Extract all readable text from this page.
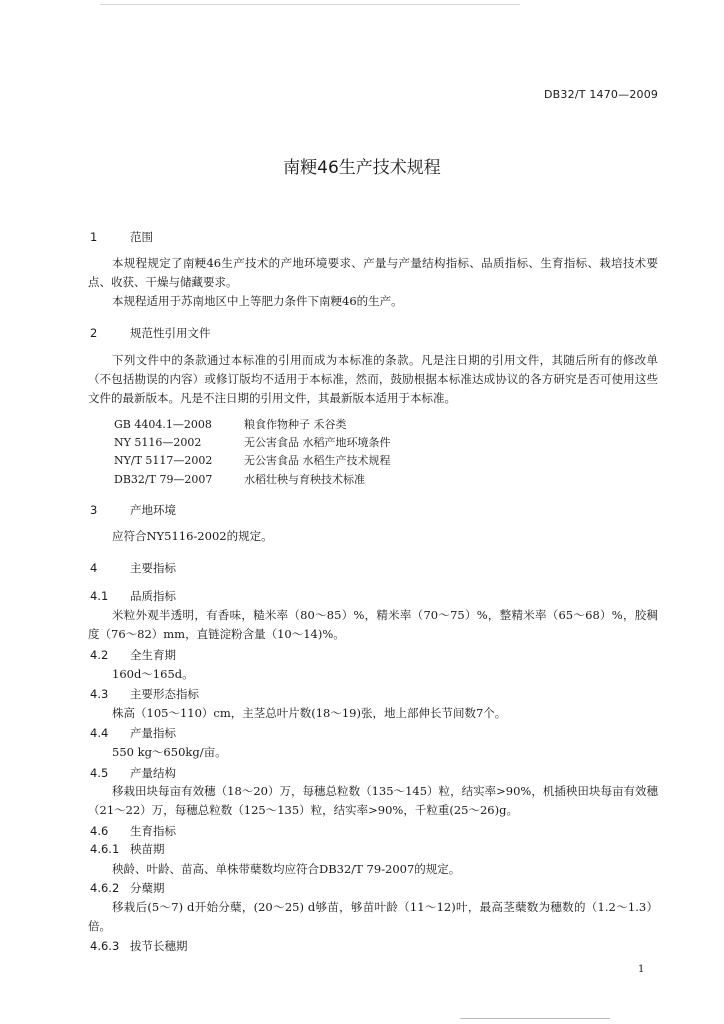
DB32/T 1470—2009
南粳46生产技术规程
1	范围
本规程规定了南粳46生产技术的产地环境要求、产量与产量结构指标、品质指标、生育指标、栽培技术要点、收获、干燥与储藏要求。
本规程适用于苏南地区中上等肥力条件下南粳46的生产。
2	规范性引用文件
下列文件中的条款通过本标准的引用而成为本标准的条款。凡是注日期的引用文件，其随后所有的修改单（不包括勘误的内容）或修订版均不适用于本标准，然而，鼓励根据本标准达成协议的各方研究是否可使用这些文件的最新版本。凡是不注日期的引用文件，其最新版本适用于本标准。
GB 4404.1—2008	粮食作物种子 禾谷类
NY 5116—2002	无公害食品 水稻产地环境条件
NY/T 5117—2002	无公害食品 水稻生产技术规程
DB32/T 79—2007	水稻壮秧与育秧技术标准
3	产地环境
应符合NY5116-2002的规定。
4	主要指标
4.1 品质指标
米粒外观半透明，有香味，糙米率（80～85）%，精米率（70～75）%，整精米率（65～68）%，胶稠度（76～82）mm，直链淀粉含量（10～14)%。
4.2 全生育期
160d～165d。
4.3 主要形态指标
株高（105～110）cm，主茎总叶片数(18～19)张，地上部伸长节间数7个。
4.4 产量指标
550 kg～650kg/亩。
4.5 产量结构
移栽田块每亩有效穗（18～20）万，每穗总粒数（135～145）粒，结实率>90%，机插秧田块每亩有效穗（21～22）万，每穗总粒数（125～135）粒，结实率>90%，千粒重(25～26)g。
4.6 生育指标
4.6.1 秧苗期
秧龄、叶龄、苗高、单株带蘖数均应符合DB32/T 79-2007的规定。
4.6.2 分蘖期
移栽后(5～7) d开始分蘖，(20～25) d够苗，够苗叶龄（11～12)叶，最高茎蘖数为穗数的（1.2～1.3）倍。
4.6.3 拔节长穗期
1
